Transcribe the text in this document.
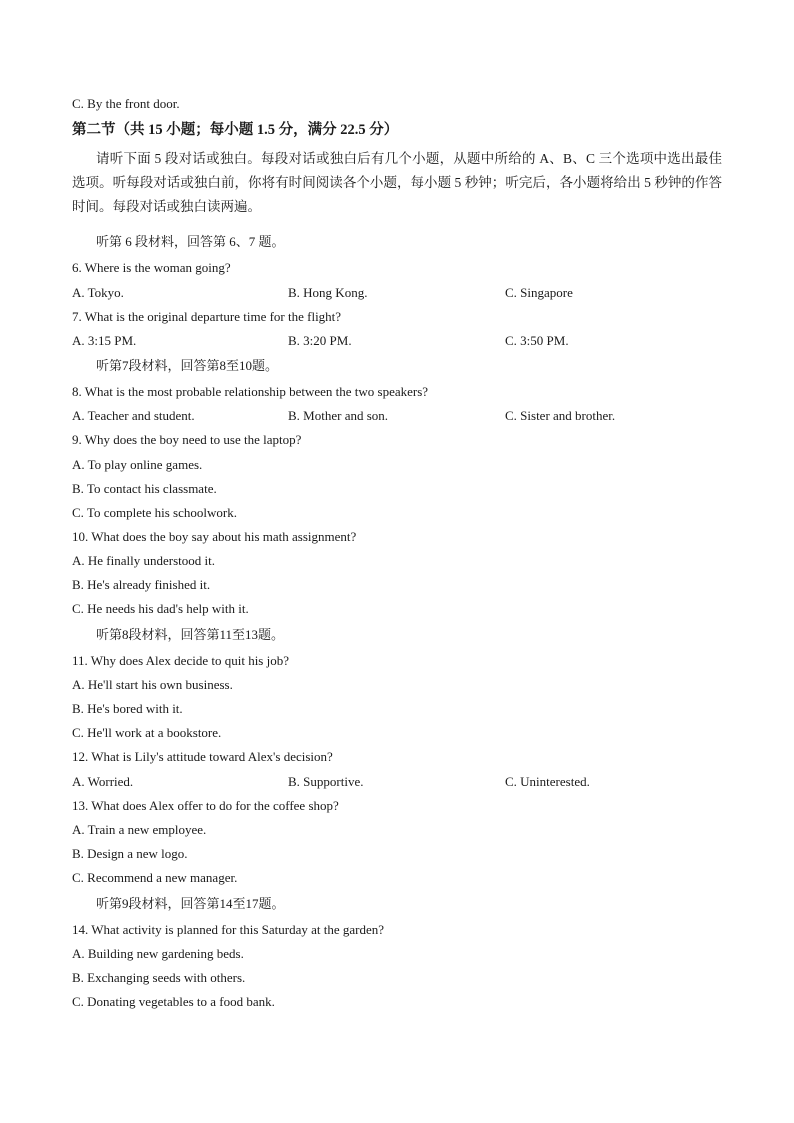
C. By the front door.
第二节（共 15 小题；每小题 1.5 分，满分 22.5 分）
请听下面 5 段对话或独白。每段对话或独白后有几个小题，从题中所给的 A、B、C 三个选项中选出最佳选项。听每段对话或独白前，你将有时间阅读各个小题，每小题 5 秒钟；听完后，各小题将给出 5 秒钟的作答时间。每段对话或独白读两遍。
听第 6 段材料，回答第 6、7 题。
6. Where is the woman going?
A. Tokyo.	B. Hong Kong.	C. Singapore
7. What is the original departure time for the flight?
A. 3:15 PM.	B. 3:20 PM.	C. 3:50 PM.
听第7段材料，回答第8至10题。
8. What is the most probable relationship between the two speakers?
A. Teacher and student.	B. Mother and son.	C. Sister and brother.
9. Why does the boy need to use the laptop?
A. To play online games.
B. To contact his classmate.
C. To complete his schoolwork.
10. What does the boy say about his math assignment?
A. He finally understood it.
B. He's already finished it.
C. He needs his dad's help with it.
听第8段材料，回答第11至13题。
11. Why does Alex decide to quit his job?
A. He'll start his own business.
B. He's bored with it.
C. He'll work at a bookstore.
12. What is Lily's attitude toward Alex's decision?
A. Worried.	B. Supportive.	C. Uninterested.
13. What does Alex offer to do for the coffee shop?
A. Train a new employee.
B. Design a new logo.
C. Recommend a new manager.
听第9段材料，回答第14至17题。
14. What activity is planned for this Saturday at the garden?
A. Building new gardening beds.
B. Exchanging seeds with others.
C. Donating vegetables to a food bank.
